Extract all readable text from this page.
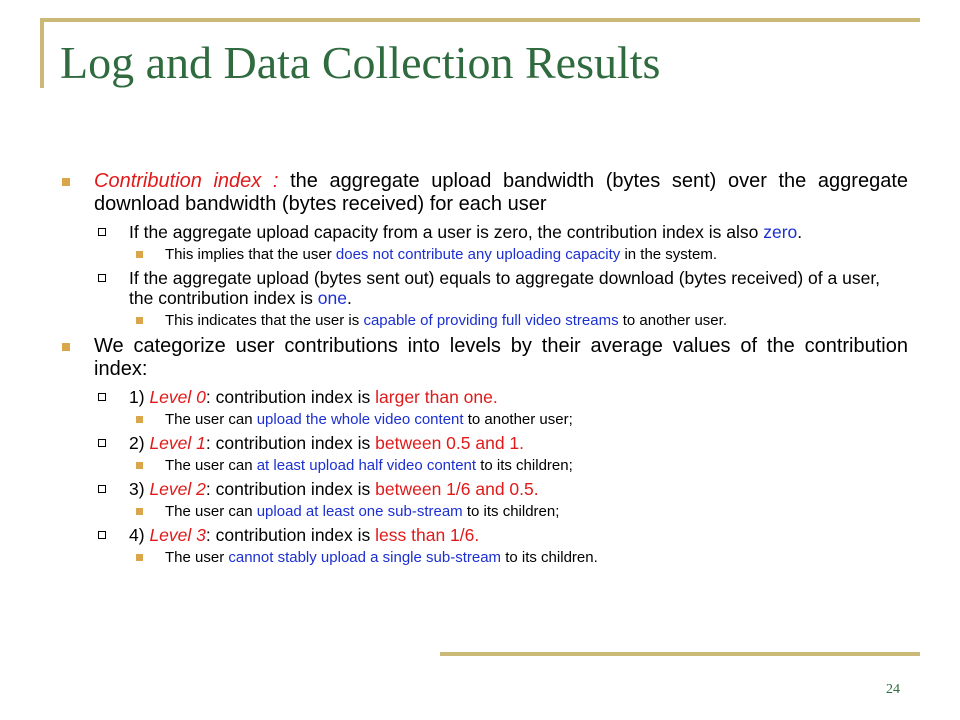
Log and Data Collection Results
Contribution index : the aggregate upload bandwidth (bytes sent) over the aggregate download bandwidth (bytes received) for each user
If the aggregate upload capacity from a user is zero, the contribution index is also zero.
This implies that the user does not contribute any uploading capacity in the system.
If the aggregate upload (bytes sent out) equals to aggregate download (bytes received) of a user, the contribution index is one.
This indicates that the user is capable of providing full video streams to another user.
We categorize user contributions into levels by their average values of the contribution index:
1) Level 0: contribution index is larger than one.
The user can upload the whole video content to another user;
2) Level 1: contribution index is between 0.5 and 1.
The user can at least upload half video content to its children;
3) Level 2: contribution index is between 1/6 and 0.5.
The user can upload at least one sub-stream to its children;
4) Level 3: contribution index is less than 1/6.
The user cannot stably upload a single sub-stream to its children.
24
